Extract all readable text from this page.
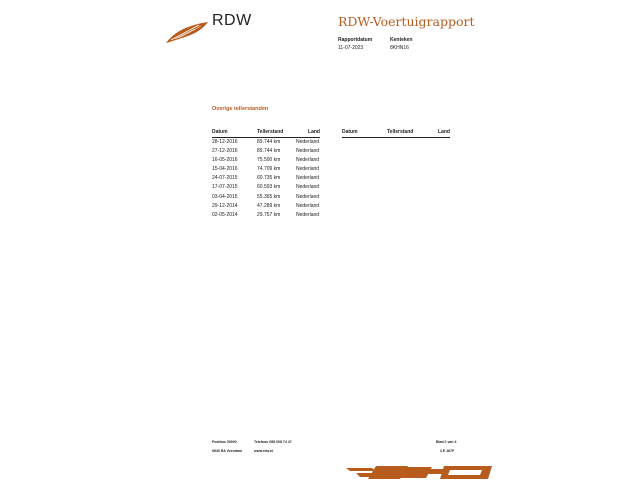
RDW	RDW-Voertuigrapport
Rapportdatum
11-07-2023
Kenteken
8KHN16
Overige tellerstanden
Datum	Tellerstand	Land
28-12-2016	89.744 km	Nederland
27-12-2016	89.744 km	Nederland
16-05-2016	75.500 km	Nederland
15-04-2016	74.709 km	Nederland
24-07-2015	60.735 km	Nederland
17-07-2015	60.593 km	Nederland
03-04-2015	55.365 km	Nederland
29-12-2014	47.289 km	Nederland
02-05-2014	29.757 km	Nederland
Datum	Tellerstand	Land
Postbus 30000
9640 RA Veendam
Telefoon 088 008 74 47
www.rdw.nl
Blad 2 van 4
3 E 167F
